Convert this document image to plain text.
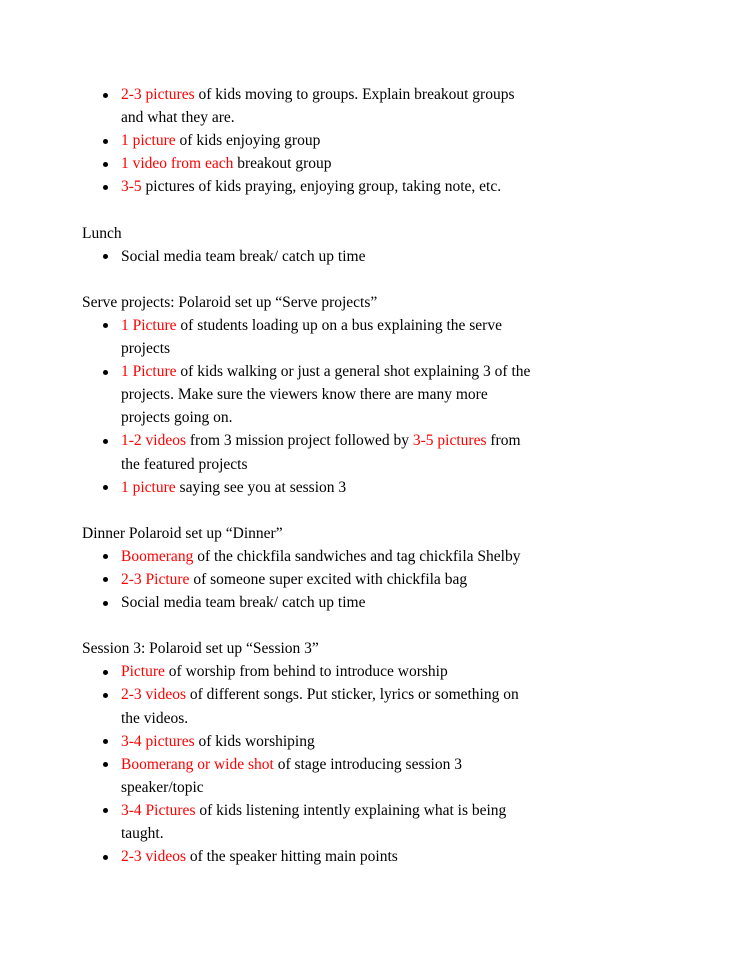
2-3 pictures of kids moving to groups. Explain breakout groups
and what they are.
1 picture of kids enjoying group
1 video from each breakout group
3-5 pictures of kids praying, enjoying group, taking note, etc.
Lunch
Social media team break/ catch up time
Serve projects: Polaroid set up “Serve projects”
1 Picture of students loading up on a bus explaining the serve
projects
1 Picture of kids walking or just a general shot explaining 3 of the
projects. Make sure the viewers know there are many more
projects going on.
1-2 videos from 3 mission project followed by 3-5 pictures from
the featured projects
1 picture saying see you at session 3
Dinner Polaroid set up “Dinner”
Boomerang of the chickfila sandwiches and tag chickfila Shelby
2-3 Picture of someone super excited with chickfila bag
Social media team break/ catch up time
Session 3: Polaroid set up “Session 3”
Picture of worship from behind to introduce worship
2-3 videos of different songs. Put sticker, lyrics or something on
the videos.
3-4 pictures of kids worshiping
Boomerang or wide shot of stage introducing session 3
speaker/topic
3-4 Pictures of kids listening intently explaining what is being
taught.
2-3 videos of the speaker hitting main points
